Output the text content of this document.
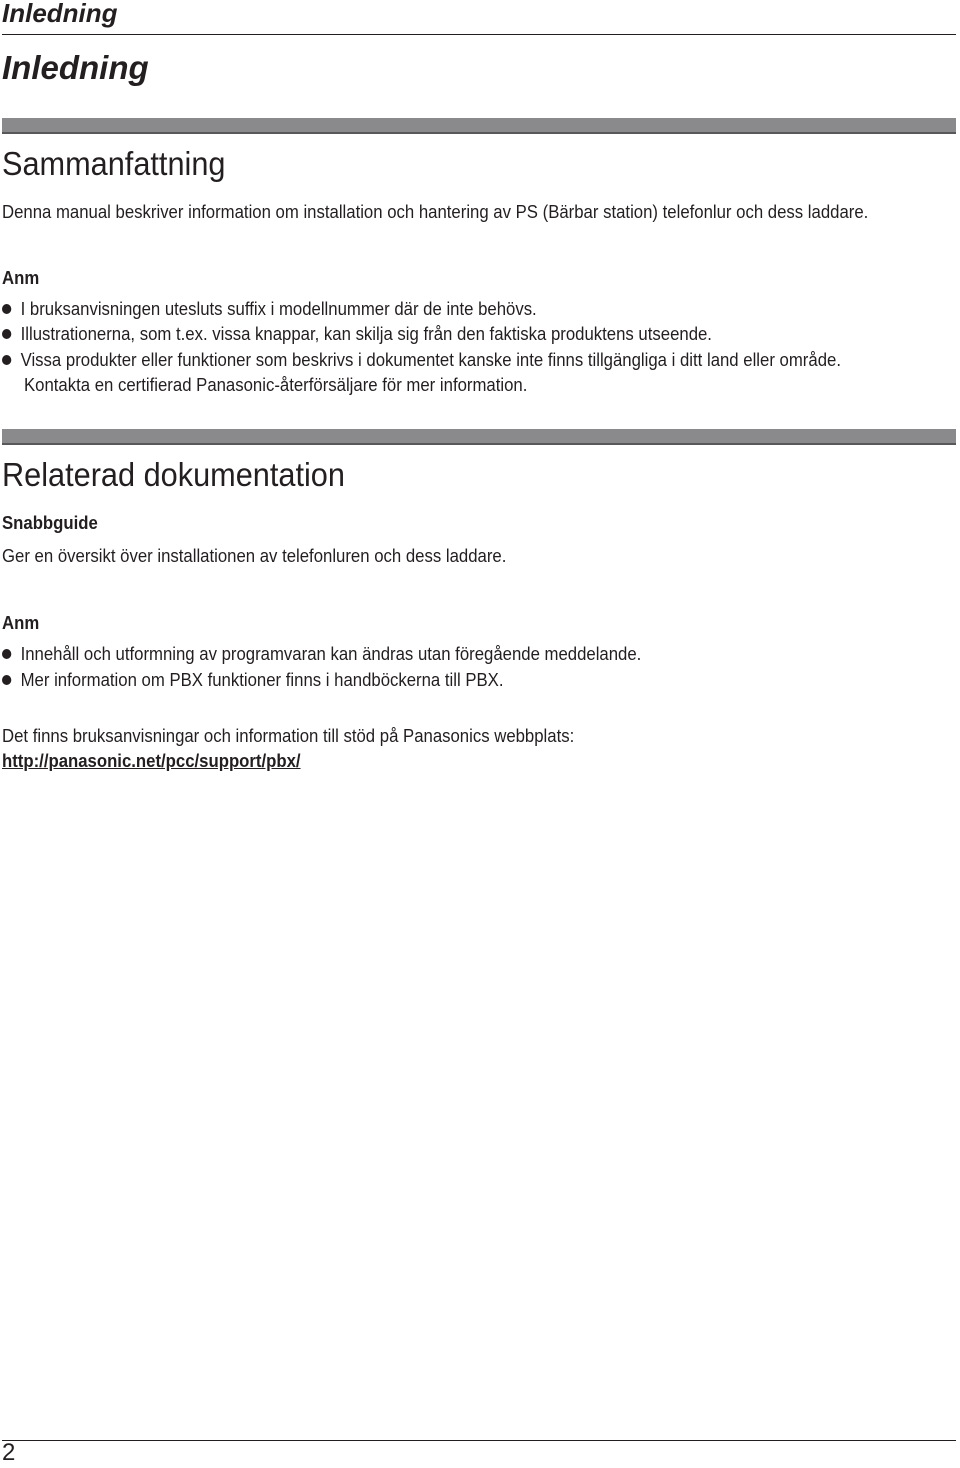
Inledning
Inledning
Sammanfattning
Denna manual beskriver information om installation och hantering av PS (Bärbar station) telefonlur och dess laddare.
Anm
I bruksanvisningen utesluts suffix i modellnummer där de inte behövs.
Illustrationerna, som t.ex. vissa knappar, kan skilja sig från den faktiska produktens utseende.
Vissa produkter eller funktioner som beskrivs i dokumentet kanske inte finns tillgängliga i ditt land eller område.
Kontakta en certifierad Panasonic-återförsäljare för mer information.
Relaterad dokumentation
Snabbguide
Ger en översikt över installationen av telefonluren och dess laddare.
Anm
Innehåll och utformning av programvaran kan ändras utan föregående meddelande.
Mer information om PBX funktioner finns i handböckerna till PBX.
Det finns bruksanvisningar och information till stöd på Panasonics webbplats:
http://panasonic.net/pcc/support/pbx/
2
